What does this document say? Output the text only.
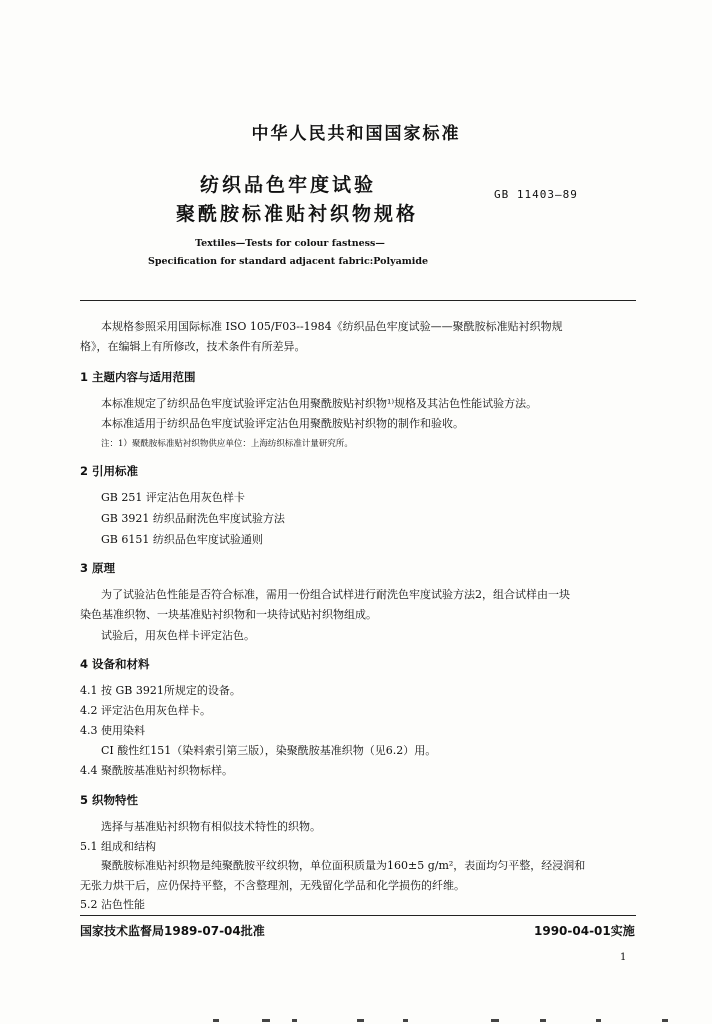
中华人民共和国国家标准
纺织品色牢度试验
聚酰胺标准贴衬织物规格
GB 11403—89
Textiles—Tests for colour fastness—
Specification for standard adjacent fabric:Polyamide
本规格参照采用国际标准 ISO 105/F03--1984《纺织品色牢度试验——聚酰胺标准贴衬织物规
格》，在编辑上有所修改，技术条件有所差异。
1 主题内容与适用范围
本标准规定了纺织品色牢度试验评定沾色用聚酰胺贴衬织物¹⁾规格及其沾色性能试验方法。
本标准适用于纺织品色牢度试验评定沾色用聚酰胺贴衬织物的制作和验收。
注：1）聚酰胺标准贴衬织物供应单位：上海纺织标准计量研究所。
2 引用标准
GB 251 评定沾色用灰色样卡
GB 3921 纺织品耐洗色牢度试验方法
GB 6151 纺织品色牢度试验通则
3 原理
为了试验沾色性能是否符合标准，需用一份组合试样进行耐洗色牢度试验方法2，组合试样由一块
染色基准织物、一块基准贴衬织物和一块待试贴衬织物组成。
试验后，用灰色样卡评定沾色。
4 设备和材料
4.1 按 GB 3921所规定的设备。
4.2 评定沾色用灰色样卡。
4.3 使用染料
CI 酸性红151（染料索引第三版），染聚酰胺基准织物（见6.2）用。
4.4 聚酰胺基准贴衬织物标样。
5 织物特性
选择与基准贴衬织物有相似技术特性的织物。
5.1 组成和结构
聚酰胺标准贴衬织物是纯聚酰胺平纹织物，单位面积质量为160±5 g/m²，表面均匀平整，经浸润和
无张力烘干后，应仍保持平整，不含整理剂，无残留化学品和化学损伤的纤维。
5.2 沾色性能
国家技术监督局1989-07-04批准	1990-04-01实施
1
